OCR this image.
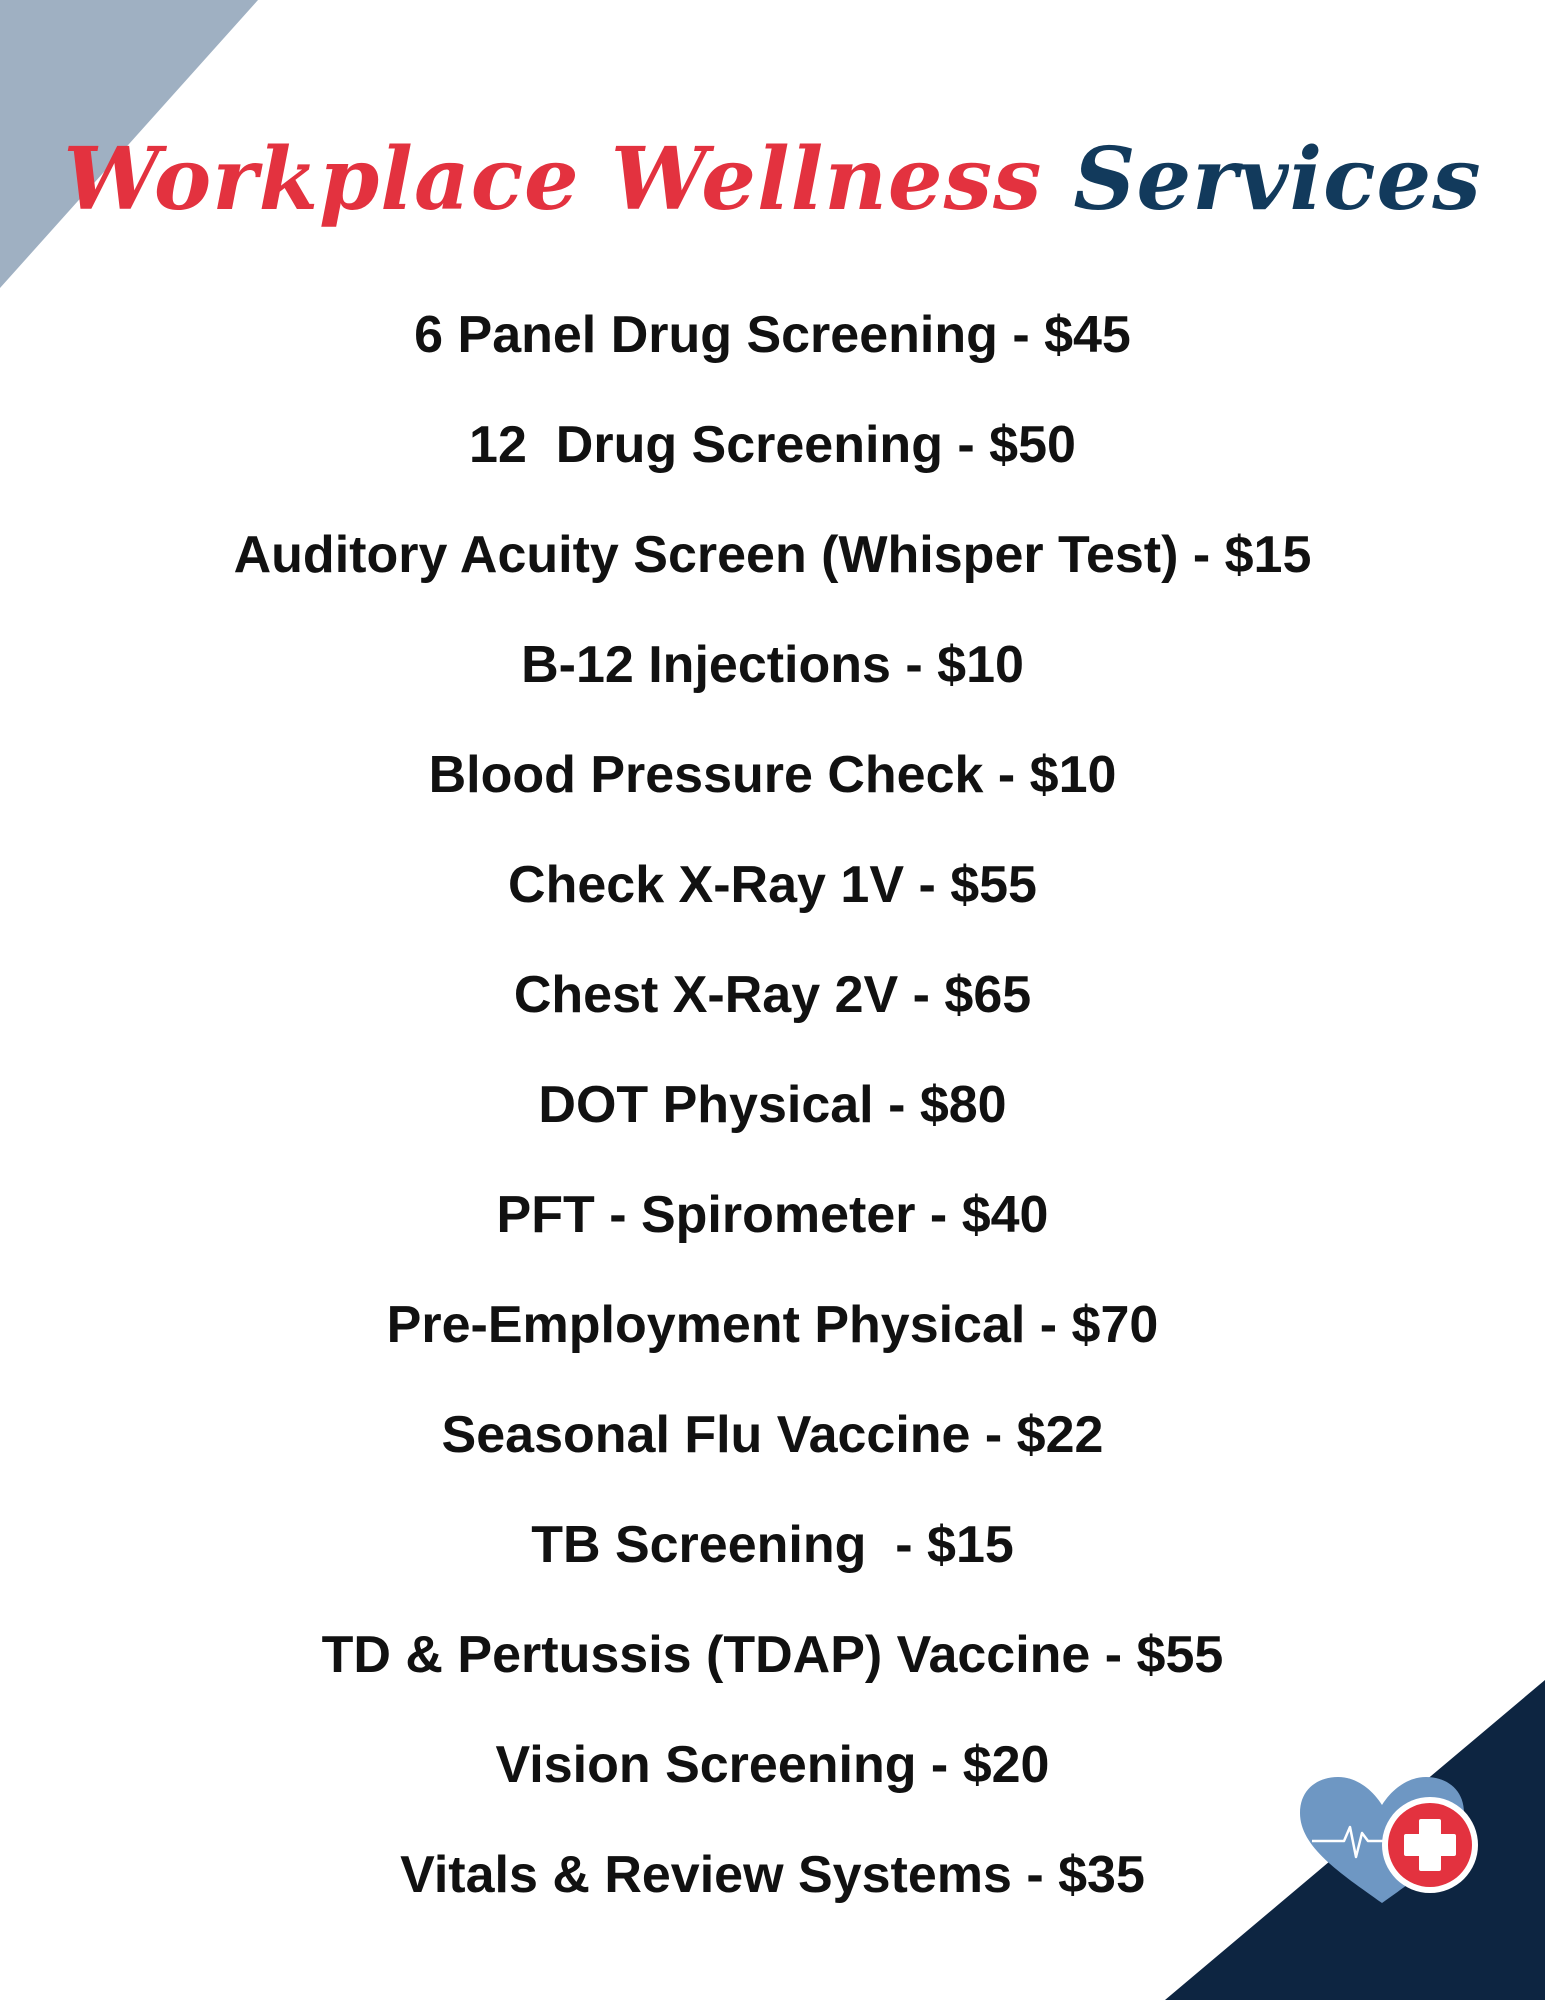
Workplace Wellness Services
6 Panel Drug Screening - $45
12  Drug Screening - $50
Auditory Acuity Screen (Whisper Test) - $15
B-12 Injections - $10
Blood Pressure Check - $10
Check X-Ray 1V - $55
Chest X-Ray 2V - $65
DOT Physical - $80
PFT - Spirometer - $40
Pre-Employment Physical - $70
Seasonal Flu Vaccine - $22
TB Screening  - $15
TD & Pertussis (TDAP) Vaccine - $55
Vision Screening - $20
Vitals & Review Systems - $35
